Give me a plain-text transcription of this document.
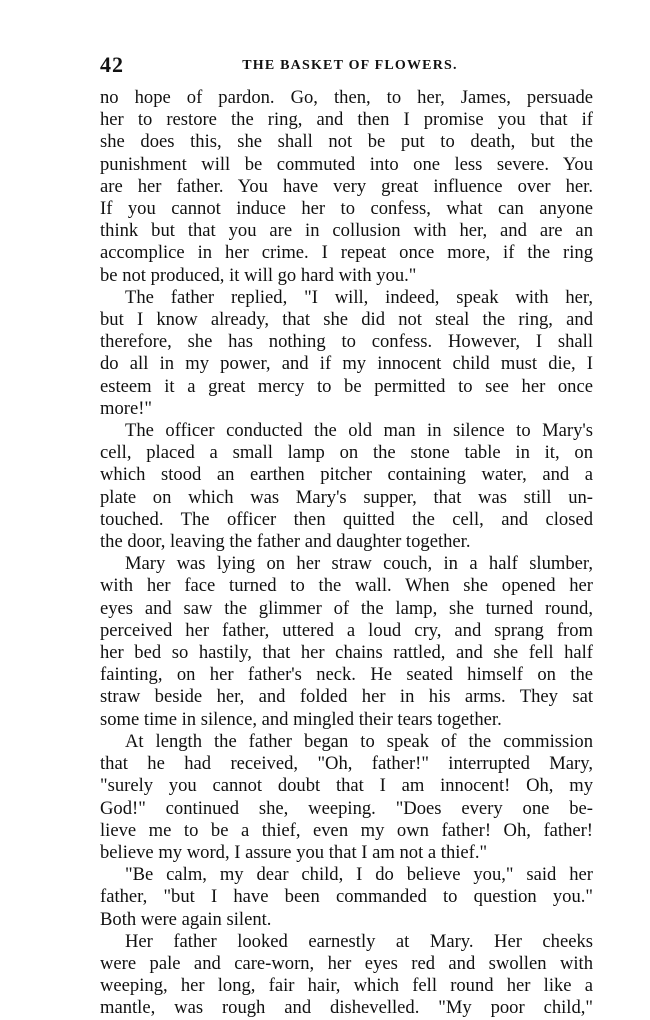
42	THE BASKET OF FLOWERS.
no hope of pardon. Go, then, to her, James, persuade
her to restore the ring, and then I promise you that if
she does this, she shall not be put to death, but the
punishment will be commuted into one less severe. You
are her father. You have very great influence over her.
If you cannot induce her to confess, what can anyone
think but that you are in collusion with her, and are an
accomplice in her crime. I repeat once more, if the ring
be not produced, it will go hard with you."
The father replied, "I will, indeed, speak with her,
but I know already, that she did not steal the ring, and
therefore, she has nothing to confess. However, I shall
do all in my power, and if my innocent child must die, I
esteem it a great mercy to be permitted to see her once
more!"
The officer conducted the old man in silence to Mary's
cell, placed a small lamp on the stone table in it, on
which stood an earthen pitcher containing water, and a
plate on which was Mary's supper, that was still un-
touched. The officer then quitted the cell, and closed
the door, leaving the father and daughter together.
Mary was lying on her straw couch, in a half slumber,
with her face turned to the wall. When she opened her
eyes and saw the glimmer of the lamp, she turned round,
perceived her father, uttered a loud cry, and sprang from
her bed so hastily, that her chains rattled, and she fell half
fainting, on her father's neck. He seated himself on the
straw beside her, and folded her in his arms. They sat
some time in silence, and mingled their tears together.
At length the father began to speak of the commission
that he had received, "Oh, father!" interrupted Mary,
"surely you cannot doubt that I am innocent! Oh, my
God!" continued she, weeping. "Does every one be-
lieve me to be a thief, even my own father! Oh, father!
believe my word, I assure you that I am not a thief."
"Be calm, my dear child, I do believe you," said her
father, "but I have been commanded to question you."
Both were again silent.
Her father looked earnestly at Mary. Her cheeks
were pale and care-worn, her eyes red and swollen with
weeping, her long, fair hair, which fell round her like a
mantle, was rough and dishevelled. "My poor child,"
